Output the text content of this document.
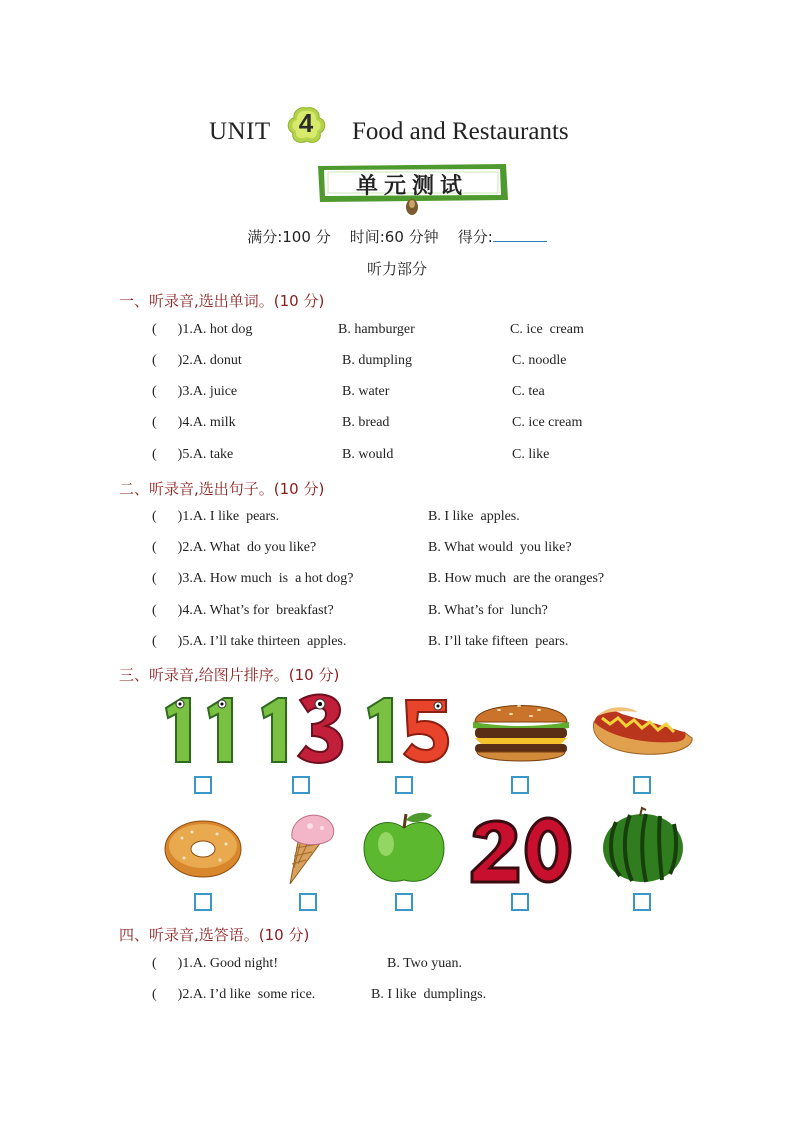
UNIT	4	Food and Restaurants
单元测试
满分:100 分 时间:60 分钟 得分:
听力部分
一、听录音,选出单词。(10 分)
(      )1.A. hot dog	B. hamburger	C. ice  cream
(      )2.A. donut	B. dumpling	C. noodle
(      )3.A. juice	B. water	C. tea
(      )4.A. milk	B. bread	C. ice cream
(      )5.A. take	B. would	C. like
二、听录音,选出句子。(10 分)
(      )1.A. I like  pears.	B. I like  apples.
(      )2.A. What  do you like?	B. What would  you like?
(      )3.A. How much  is  a hot dog?	B. How much  are the oranges?
(      )4.A. What’s for  breakfast?	B. What’s for  lunch?
(      )5.A. I’ll take thirteen  apples.	B. I’ll take fifteen  pears.
三、听录音,给图片排序。(10 分)
11
13
20
四、听录音,选答语。(10 分)
(      )1.A. Good night!	B. Two yuan.
(      )2.A. I’d like  some rice.	B. I like  dumplings.
